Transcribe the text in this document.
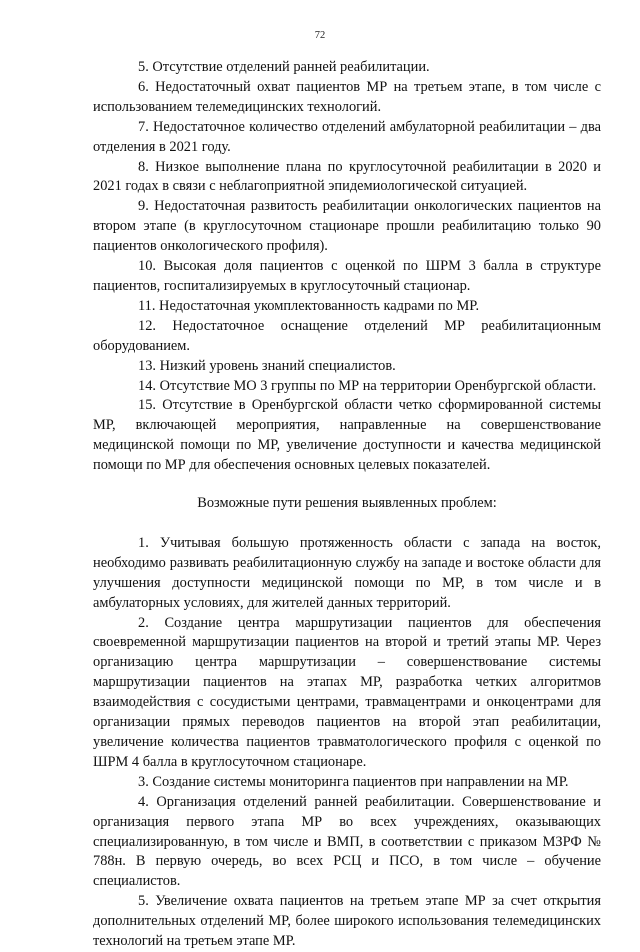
72

5. Отсутствие отделений ранней реабилитации.

6. Недостаточный охват пациентов МР на третьем этапе, в том числе с использованием телемедицинских технологий.

7. Недостаточное количество отделений амбулаторной реабилитации – два отделения в 2021 году.

8. Низкое выполнение плана по круглосуточной реабилитации в 2020 и 2021 годах в связи с неблагоприятной эпидемиологической ситуацией.

9. Недостаточная развитость реабилитации онкологических пациентов на втором этапе (в круглосуточном стационаре прошли реабилитацию только 90 пациентов онкологического профиля).

10. Высокая доля пациентов с оценкой по ШРМ 3 балла в структуре пациентов, госпитализируемых в круглосуточный стационар.

11. Недостаточная укомплектованность кадрами по МР.

12. Недостаточное оснащение отделений МР реабилитационным оборудованием.

13. Низкий уровень знаний специалистов.

14. Отсутствие МО 3 группы по МР на территории Оренбургской области.

15. Отсутствие в Оренбургской области четко сформированной системы МР, включающей мероприятия, направленные на совершенствование медицинской помощи по МР, увеличение доступности и качества медицинской помощи по МР для обеспечения основных целевых показателей.

Возможные пути решения выявленных проблем:

1. Учитывая большую протяженность области с запада на восток, необходимо развивать реабилитационную службу на западе и востоке области для улучшения доступности медицинской помощи по МР, в том числе и в амбулаторных условиях, для жителей данных территорий.

2. Создание центра маршрутизации пациентов для обеспечения своевременной маршрутизации пациентов на второй и третий этапы МР. Через организацию центра маршрутизации – совершенствование системы маршрутизации пациентов на этапах МР, разработка четких алгоритмов взаимодействия с сосудистыми центрами, травмацентрами и онкоцентрами для организации прямых переводов пациентов на второй этап реабилитации, увеличение количества пациентов травматологического профиля с оценкой по ШРМ 4 балла в круглосуточном стационаре.

3. Создание системы мониторинга пациентов при направлении на МР.

4. Организация отделений ранней реабилитации. Совершенствование и организация первого этапа МР во всех учреждениях, оказывающих специализированную, в том числе и ВМП, в соответствии с приказом МЗРФ № 788н. В первую очередь, во всех РСЦ и ПСО, в том числе – обучение специалистов.

5. Увеличение охвата пациентов на третьем этапе МР за счет открытия дополнительных отделений МР, более широкого использования телемедицинских технологий на третьем этапе МР.
